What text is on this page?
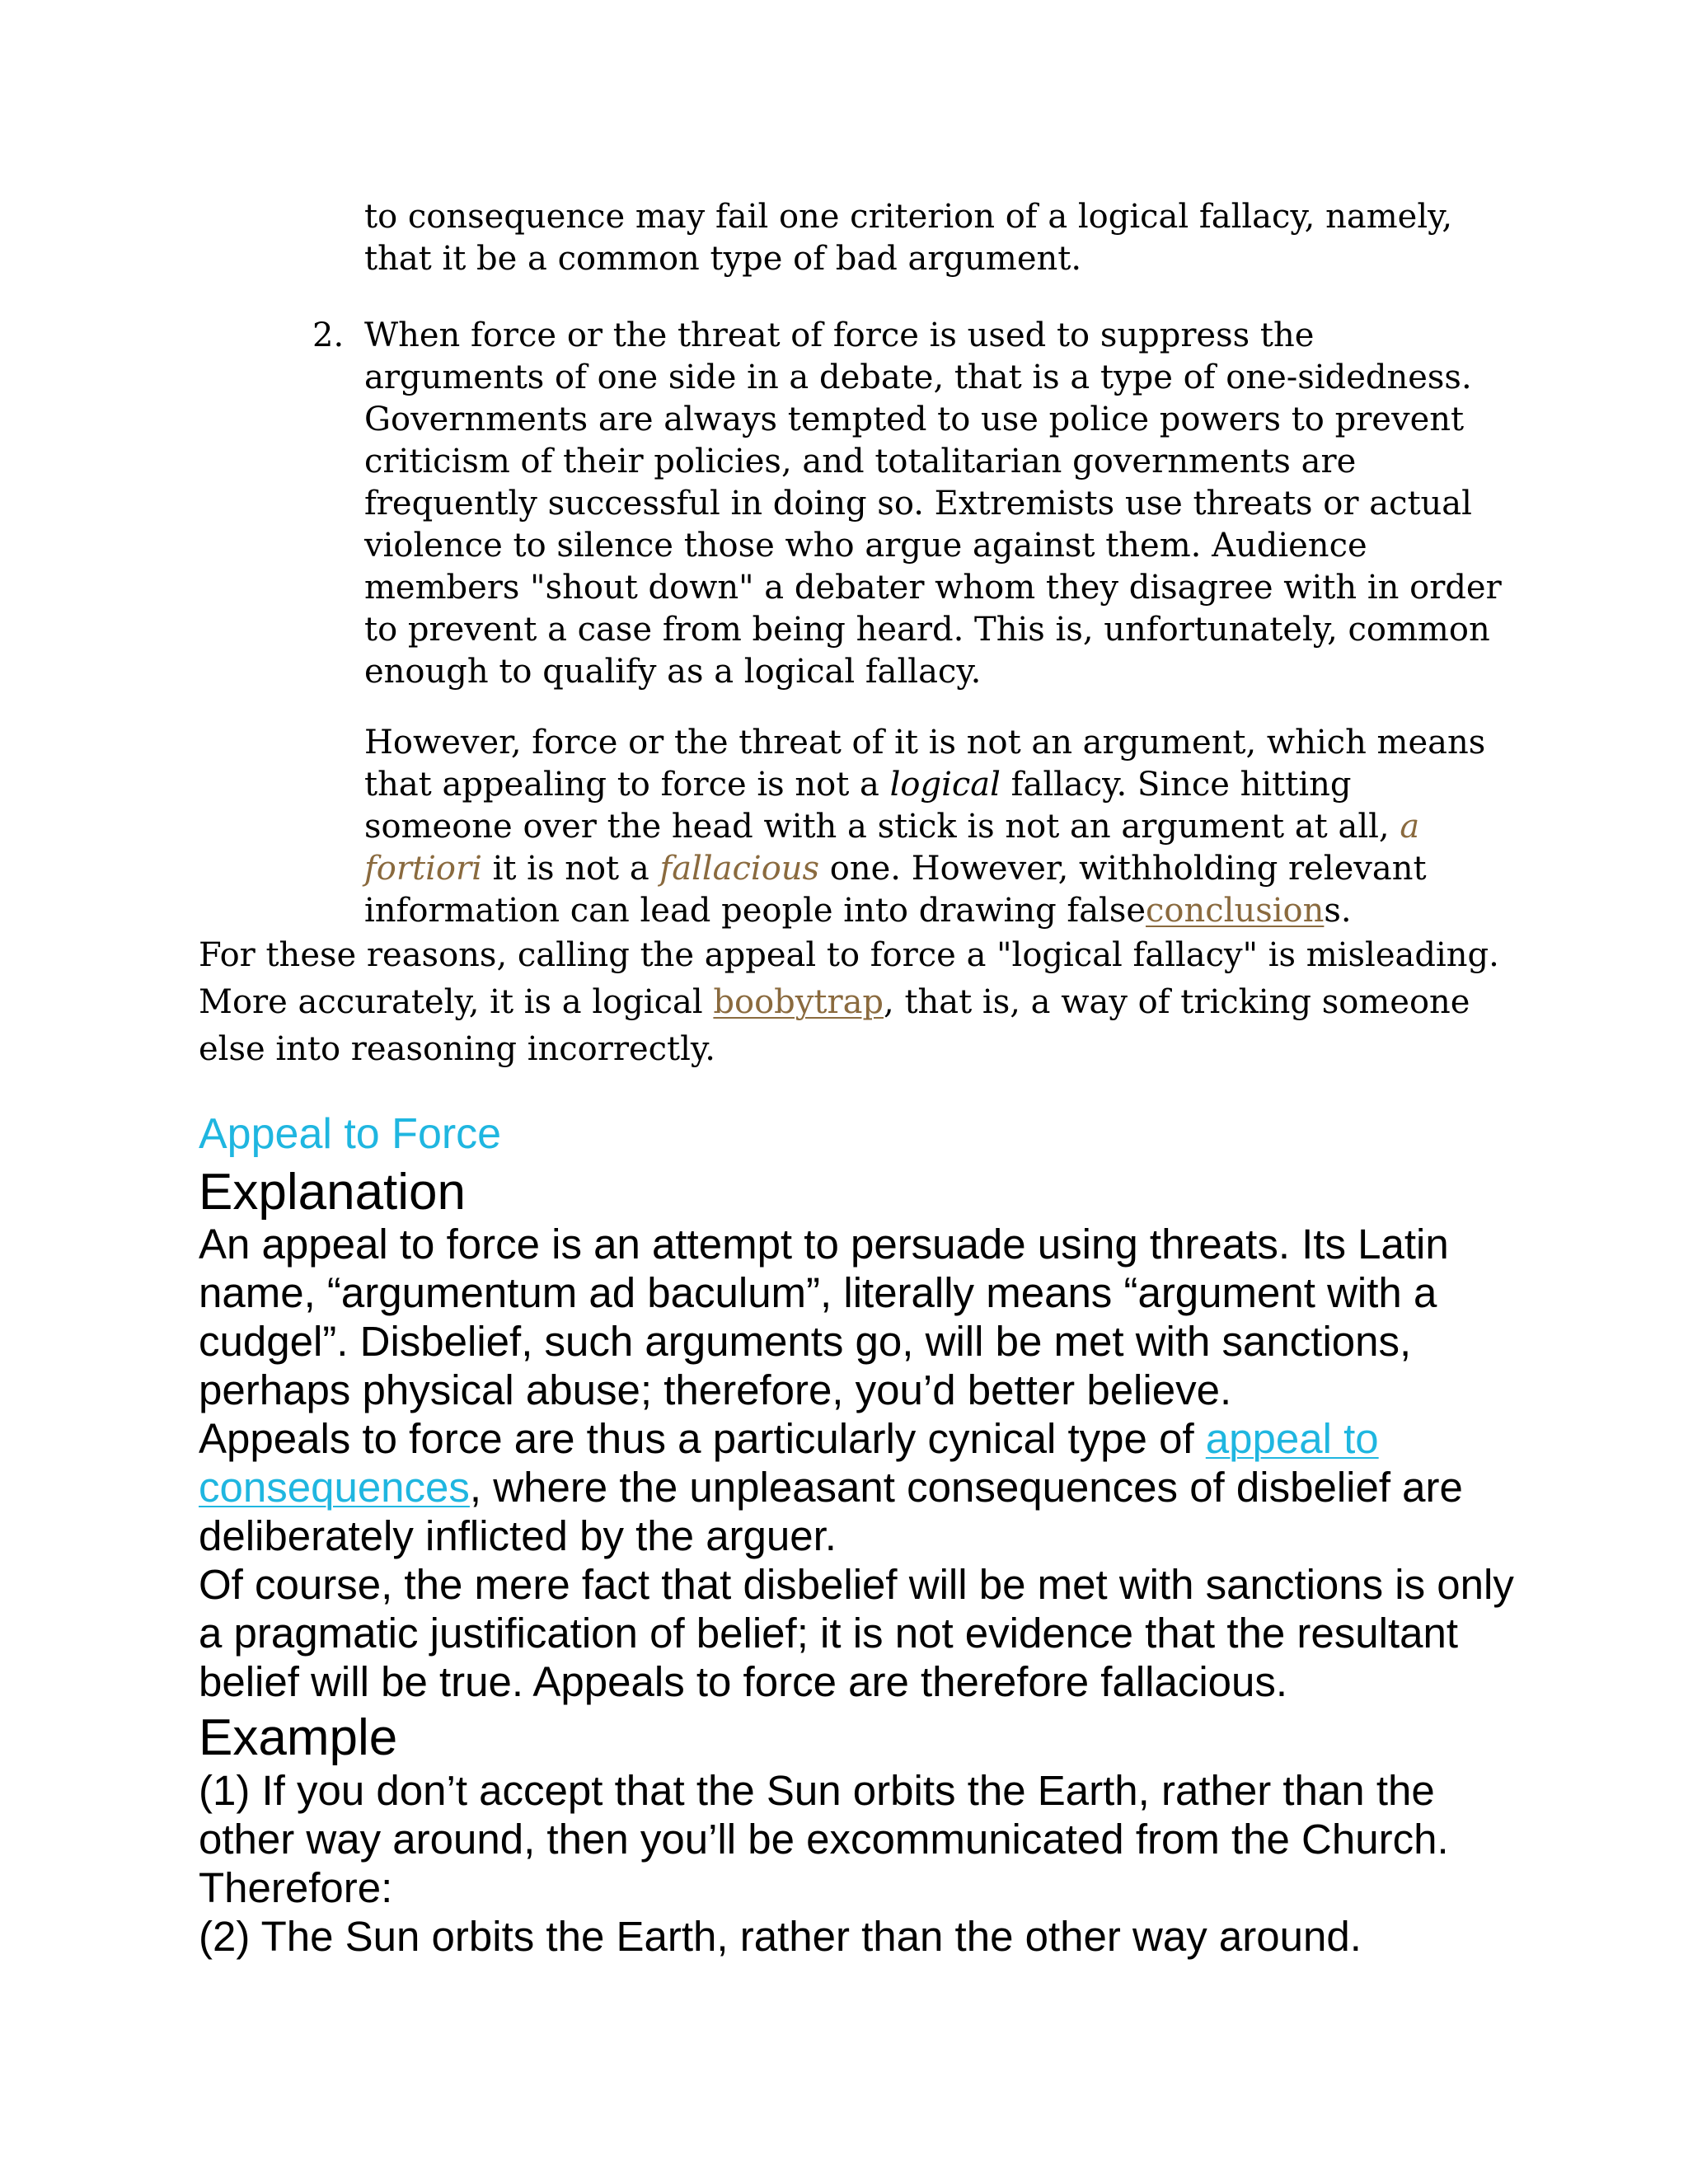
to consequence may fail one criterion of a logical fallacy, namely, that it be a common type of bad argument.

2. When force or the threat of force is used to suppress the arguments of one side in a debate, that is a type of one-sidedness. Governments are always tempted to use police powers to prevent criticism of their policies, and totalitarian governments are frequently successful in doing so. Extremists use threats or actual violence to silence those who argue against them. Audience members "shout down" a debater whom they disagree with in order to prevent a case from being heard. This is, unfortunately, common enough to qualify as a logical fallacy.

However, force or the threat of it is not an argument, which means that appealing to force is not a logical fallacy. Since hitting someone over the head with a stick is not an argument at all, a fortiori it is not a fallacious one. However, withholding relevant information can lead people into drawing falseconclusions.

For these reasons, calling the appeal to force a "logical fallacy" is misleading. More accurately, it is a logical boobytrap, that is, a way of tricking someone else into reasoning incorrectly.

Appeal to Force
Explanation

An appeal to force is an attempt to persuade using threats. Its Latin name, “argumentum ad baculum”, literally means “argument with a cudgel”. Disbelief, such arguments go, will be met with sanctions, perhaps physical abuse; therefore, you’d better believe.

Appeals to force are thus a particularly cynical type of appeal to consequences, where the unpleasant consequences of disbelief are deliberately inflicted by the arguer.

Of course, the mere fact that disbelief will be met with sanctions is only a pragmatic justification of belief; it is not evidence that the resultant belief will be true. Appeals to force are therefore fallacious.

Example

(1) If you don’t accept that the Sun orbits the Earth, rather than the other way around, then you’ll be excommunicated from the Church.

Therefore:

(2) The Sun orbits the Earth, rather than the other way around.
